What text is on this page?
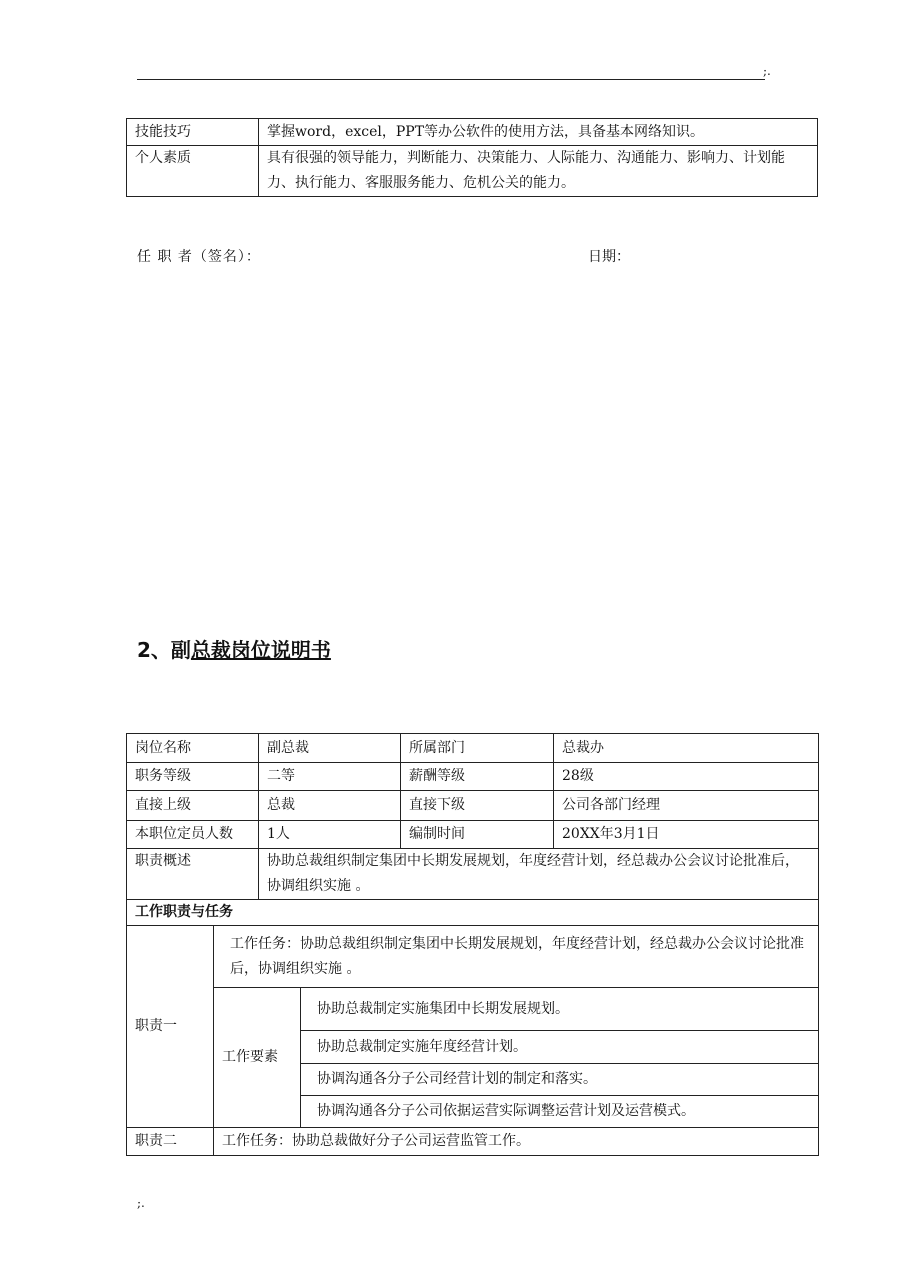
;.
技能技巧	掌握word，excel，PPT等办公软件的使用方法，具备基本网络知识。
个人素质	具有很强的领导能力，判断能力、决策能力、人际能力、沟通能力、影响力、计划能力、执行能力、客服服务能力、危机公关的能力。
任 职 者（签名）：	日期：
2、副总裁岗位说明书
岗位名称		副总裁		所属部门	总裁办
职务等级		二等		薪酬等级	28级
直接上级		总裁		直接下级	公司各部门经理
本职位定员人数		1人		编制时间	20XX年3月1日
职责概述		协助总裁组织制定集团中长期发展规划，年度经营计划，经总裁办公会议讨论批准后，协调组织实施 。			
工作职责与任务					
职责一	工作任务：协助总裁组织制定集团中长期发展规划，年度经营计划，经总裁办公会议讨论批准后，协调组织实施 。				
	工作要素		协助总裁制定实施集团中长期发展规划。		
			协助总裁制定实施年度经营计划。		
			协调沟通各分子公司经营计划的制定和落实。		
			协调沟通各分子公司依据运营实际调整运营计划及运营模式。		
职责二	工作任务：协助总裁做好分子公司运营监管工作。				
;.
